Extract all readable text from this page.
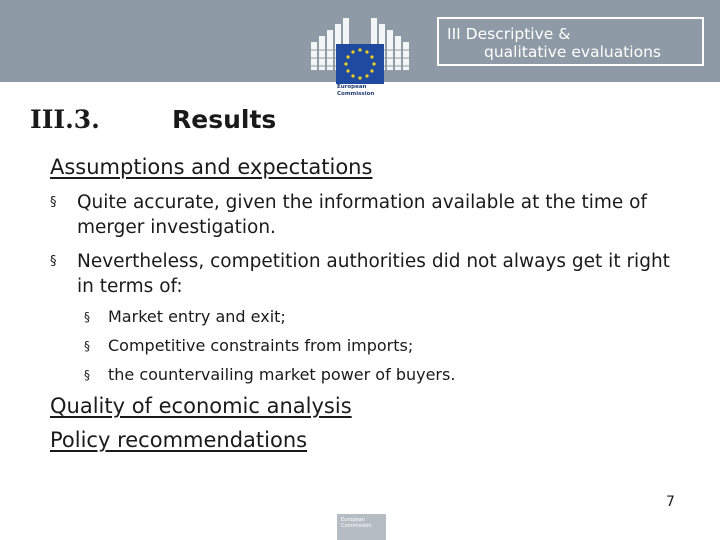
European
Commission
III Descriptive &
qualitative evaluations
III.3.	Results
Assumptions and expectations
§	Quite accurate, given the information available at the time of merger investigation.
§	Nevertheless, competition authorities did not always get it right in terms of:
§ Market entry and exit;
§ Competitive constraints from imports;
§ the countervailing market power of buyers.
Quality of economic analysis
Policy recommendations
7
European Commission
